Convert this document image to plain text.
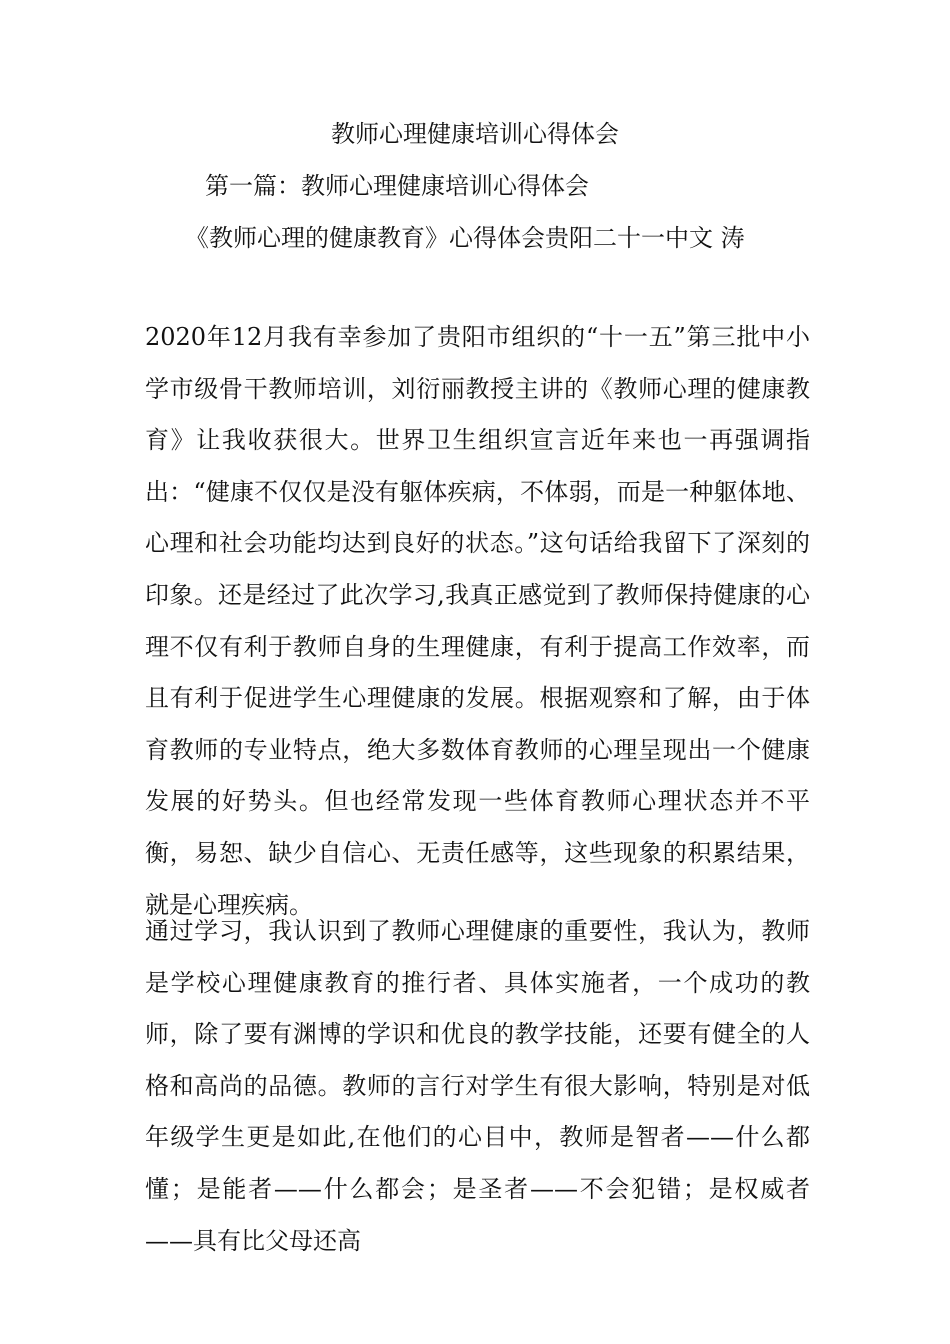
教师心理健康培训心得体会

第一篇：教师心理健康培训心得体会

《教师心理的健康教育》心得体会贵阳二十一中文 涛

2020年12月我有幸参加了贵阳市组织的“十一五”第三批中小学市级骨干教师培训，刘衍丽教授主讲的《教师心理的健康教育》让我收获很大。世界卫生组织宣言近年来也一再强调指出：“健康不仅仅是没有躯体疾病，不体弱，而是一种躯体地、心理和社会功能均达到良好的状态。”这句话给我留下了深刻的印象。还是经过了此次学习,我真正感觉到了教师保持健康的心理不仅有利于教师自身的生理健康，有利于提高工作效率，而且有利于促进学生心理健康的发展。根据观察和了解，由于体育教师的专业特点，绝大多数体育教师的心理呈现出一个健康发展的好势头。但也经常发现一些体育教师心理状态并不平衡，易恕、缺少自信心、无责任感等，这些现象的积累结果，就是心理疾病。

通过学习，我认识到了教师心理健康的重要性，我认为，教师是学校心理健康教育的推行者、具体实施者，一个成功的教师，除了要有渊博的学识和优良的教学技能，还要有健全的人格和高尚的品德。教师的言行对学生有很大影响，特别是对低年级学生更是如此,在他们的心目中，教师是智者——什么都懂；是能者——什么都会；是圣者——不会犯错；是权威者——具有比父母还高
